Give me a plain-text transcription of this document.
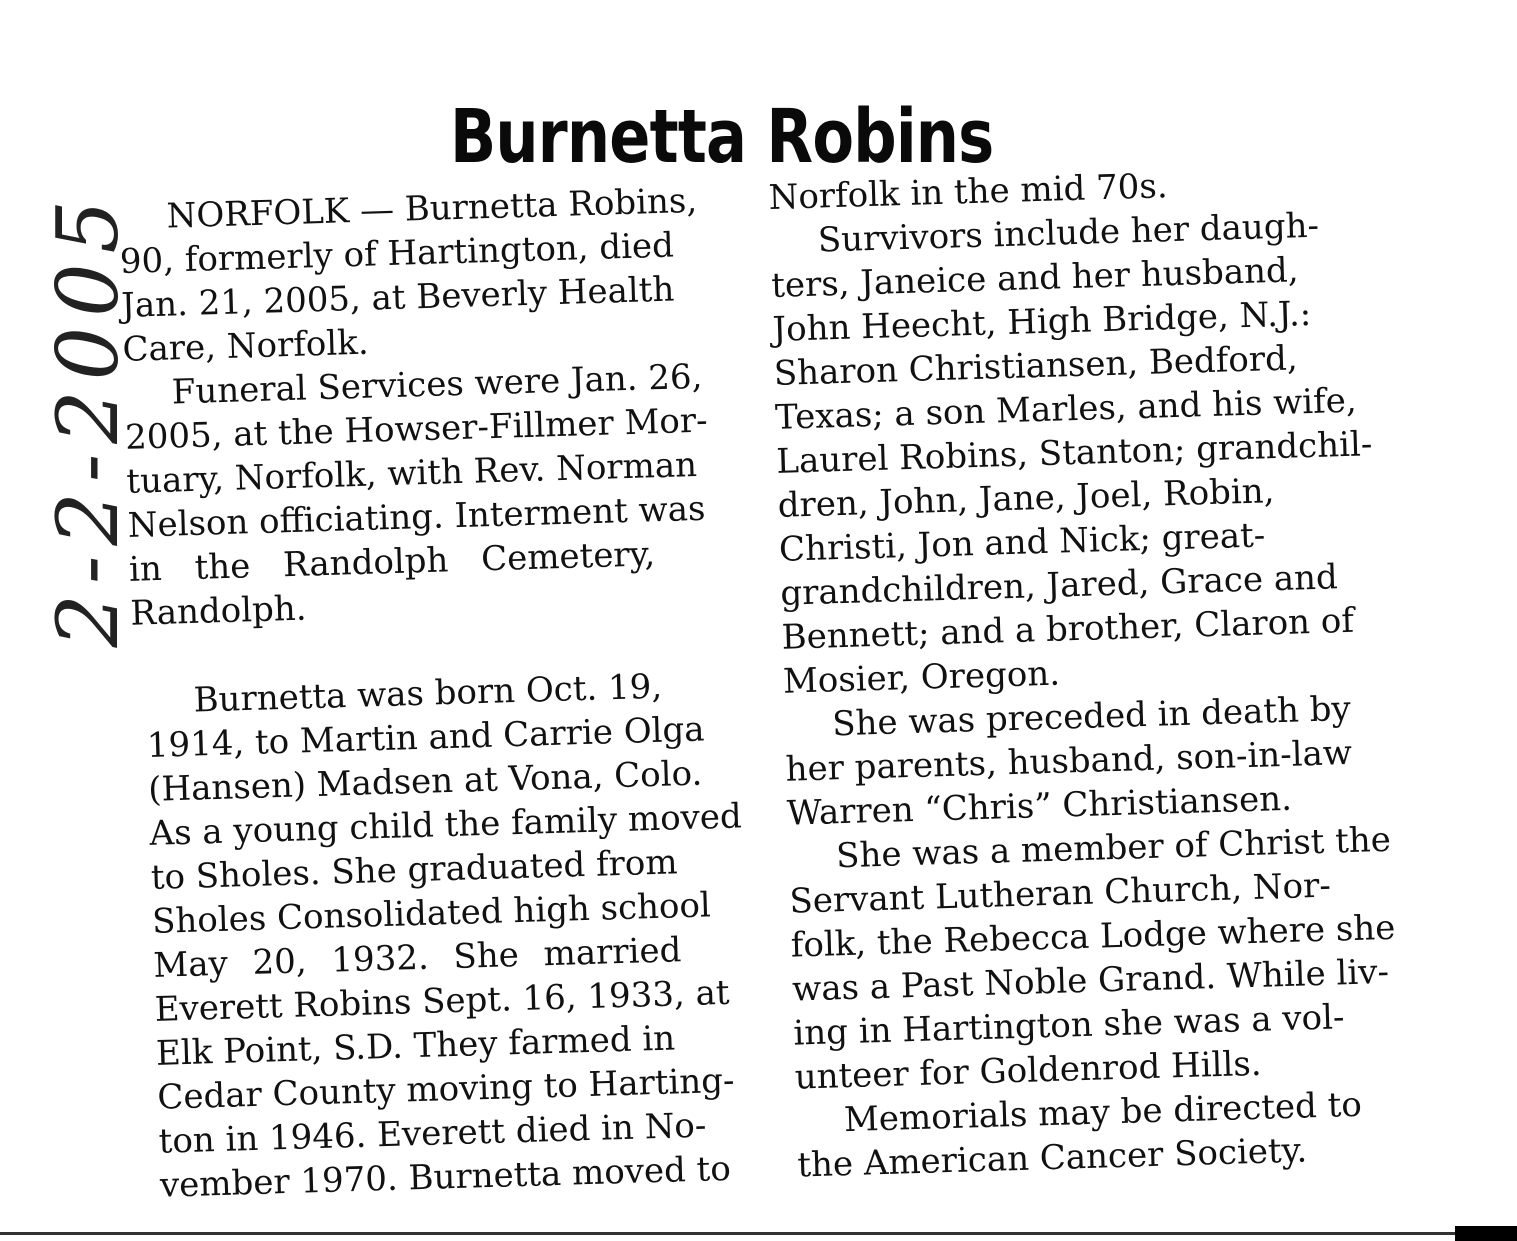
Burnetta Robins
2-2-2005 NORFOLK — Burnetta Robins,
90, formerly of Hartington, died
Jan. 21, 2005, at Beverly Health
Care, Norfolk.
Funeral Services were Jan. 26,
2005, at the Howser-Fillmer Mor-
tuary, Norfolk, with Rev. Norman
Nelson officiating. Interment was
in the Randolph Cemetery,
Randolph.
Burnetta was born Oct. 19,
1914, to Martin and Carrie Olga
(Hansen) Madsen at Vona, Colo.
As a young child the family moved
to Sholes. She graduated from
Sholes Consolidated high school
May 20, 1932. She married
Everett Robins Sept. 16, 1933, at
Elk Point, S.D. They farmed in
Cedar County moving to Harting-
ton in 1946. Everett died in No-
vember 1970. Burnetta moved to
Norfolk in the mid 70s.
Survivors include her daugh-
ters, Janeice and her husband,
John Heecht, High Bridge, N.J.:
Sharon Christiansen, Bedford,
Texas; a son Marles, and his wife,
Laurel Robins, Stanton; grandchil-
dren, John, Jane, Joel, Robin,
Christi, Jon and Nick; great-
grandchildren, Jared, Grace and
Bennett; and a brother, Claron of
Mosier, Oregon.
She was preceded in death by
her parents, husband, son-in-law
Warren “Chris” Christiansen.
She was a member of Christ the
Servant Lutheran Church, Nor-
folk, the Rebecca Lodge where she
was a Past Noble Grand. While liv-
ing in Hartington she was a vol-
unteer for Goldenrod Hills.
Memorials may be directed to
the American Cancer Society.
